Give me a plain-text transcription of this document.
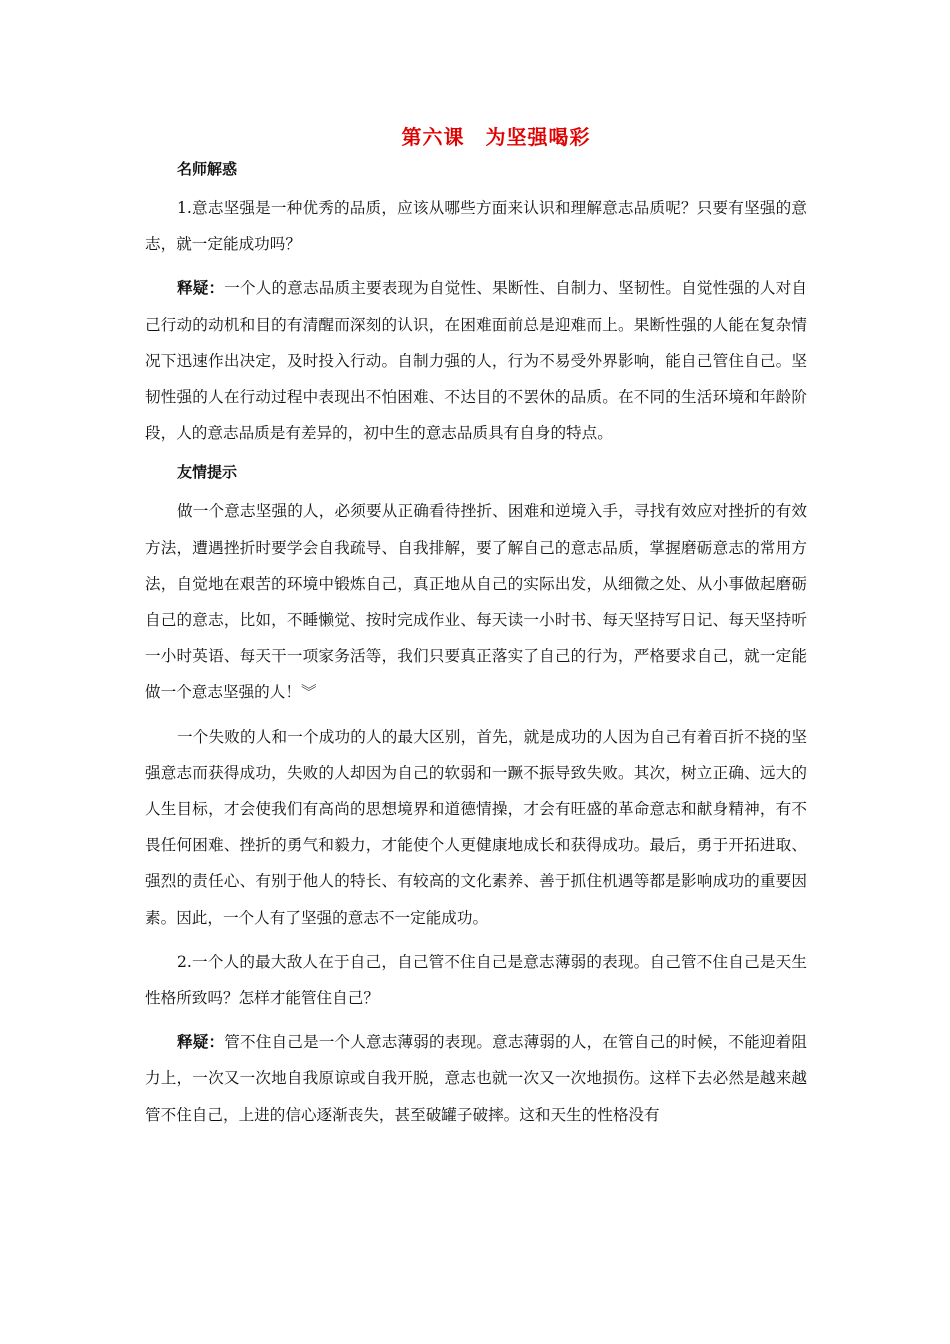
第六课　为坚强喝彩
名师解惑

1.意志坚强是一种优秀的品质，应该从哪些方面来认识和理解意志品质呢？只要有坚强的意志，就一定能成功吗？

释疑：一个人的意志品质主要表现为自觉性、果断性、自制力、坚韧性。自觉性强的人对自己行动的动机和目的有清醒而深刻的认识，在困难面前总是迎难而上。果断性强的人能在复杂情况下迅速作出决定，及时投入行动。自制力强的人，行为不易受外界影响，能自己管住自己。坚韧性强的人在行动过程中表现出不怕困难、不达目的不罢休的品质。在不同的生活环境和年龄阶段，人的意志品质是有差异的，初中生的意志品质具有自身的特点。

友情提示

做一个意志坚强的人，必须要从正确看待挫折、困难和逆境入手，寻找有效应对挫折的有效方法，遭遇挫折时要学会自我疏导、自我排解，要了解自己的意志品质，掌握磨砺意志的常用方法，自觉地在艰苦的环境中锻炼自己，真正地从自己的实际出发，从细微之处、从小事做起磨砺自己的意志，比如，不睡懒觉、按时完成作业、每天读一小时书、每天坚持写日记、每天坚持听一小时英语、每天干一项家务活等，我们只要真正落实了自己的行为，严格要求自己，就一定能做一个意志坚强的人！︾

一个失败的人和一个成功的人的最大区别，首先，就是成功的人因为自己有着百折不挠的坚强意志而获得成功，失败的人却因为自己的软弱和一蹶不振导致失败。其次，树立正确、远大的人生目标，才会使我们有高尚的思想境界和道德情操，才会有旺盛的革命意志和献身精神，有不畏任何困难、挫折的勇气和毅力，才能使个人更健康地成长和获得成功。最后，勇于开拓进取、强烈的责任心、有别于他人的特长、有较高的文化素养、善于抓住机遇等都是影响成功的重要因素。因此，一个人有了坚强的意志不一定能成功。

2.一个人的最大敌人在于自己，自己管不住自己是意志薄弱的表现。自己管不住自己是天生性格所致吗？怎样才能管住自己？

释疑：管不住自己是一个人意志薄弱的表现。意志薄弱的人，在管自己的时候，不能迎着阻力上，一次又一次地自我原谅或自我开脱，意志也就一次又一次地损伤。这样下去必然是越来越管不住自己，上进的信心逐渐丧失，甚至破罐子破摔。这和天生的性格没有
